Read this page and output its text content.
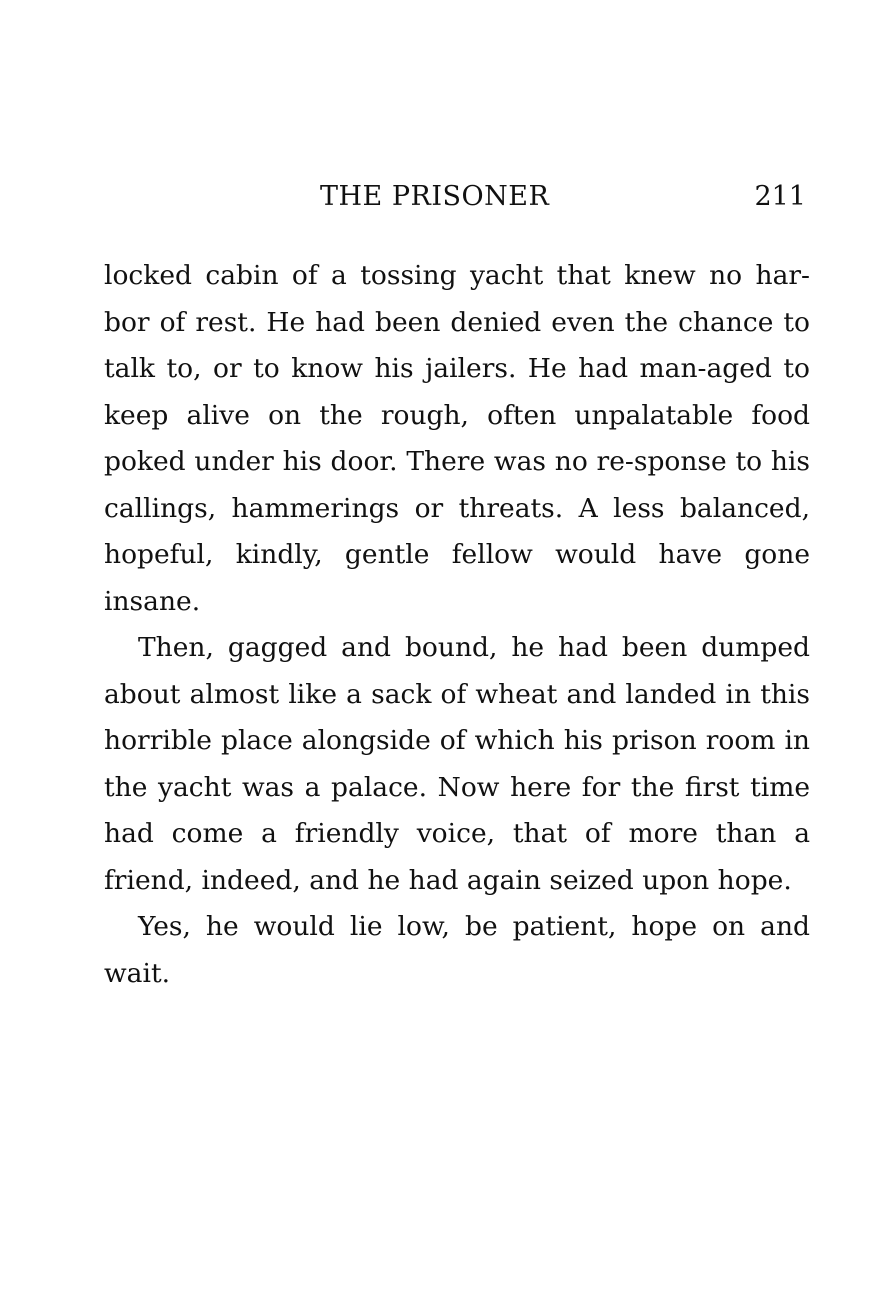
THE PRISONER	211

locked cabin of a tossing yacht that knew no har-bor of rest. He had been denied even the chance to talk to, or to know his jailers. He had man-aged to keep alive on the rough, often unpalatable food poked under his door. There was no re-sponse to his callings, hammerings or threats. A less balanced, hopeful, kindly, gentle fellow would have gone insane.

Then, gagged and bound, he had been dumped about almost like a sack of wheat and landed in this horrible place alongside of which his prison room in the yacht was a palace. Now here for the first time had come a friendly voice, that of more than a friend, indeed, and he had again seized upon hope.

Yes, he would lie low, be patient, hope on and wait.
